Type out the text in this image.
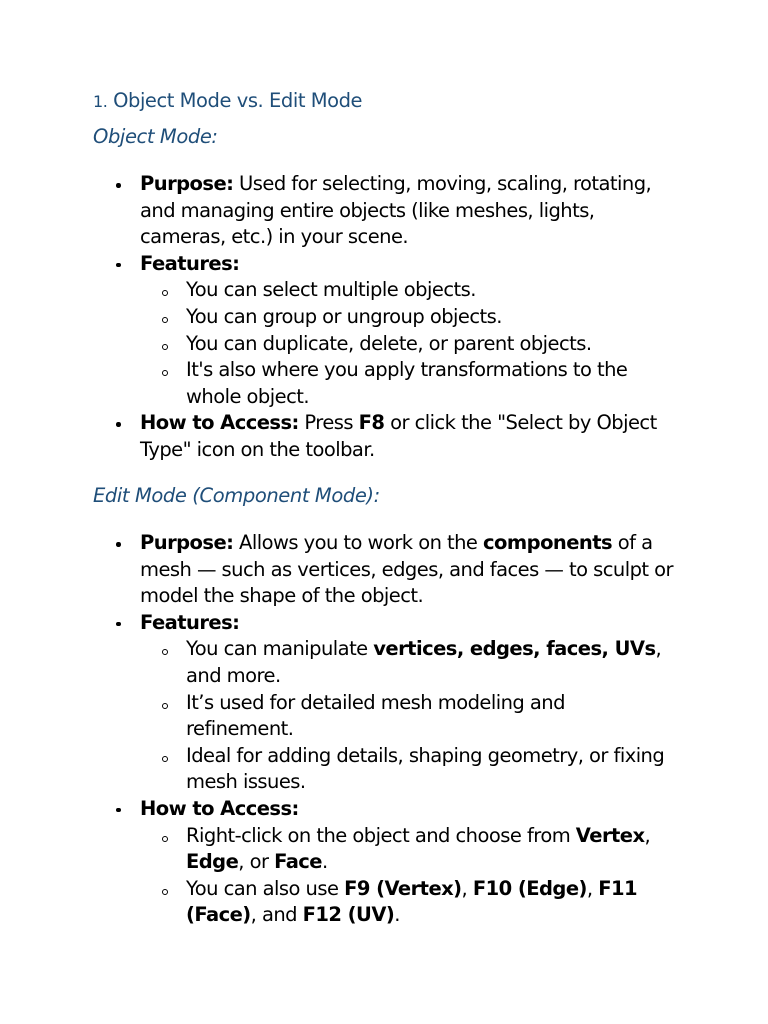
1. Object Mode vs. Edit Mode
Object Mode:
Purpose: Used for selecting, moving, scaling, rotating, and managing entire objects (like meshes, lights, cameras, etc.) in your scene.
Features:
You can select multiple objects.
You can group or ungroup objects.
You can duplicate, delete, or parent objects.
It's also where you apply transformations to the whole object.
How to Access: Press F8 or click the "Select by Object Type" icon on the toolbar.
Edit Mode (Component Mode):
Purpose: Allows you to work on the components of a mesh — such as vertices, edges, and faces — to sculpt or model the shape of the object.
Features:
You can manipulate vertices, edges, faces, UVs, and more.
It’s used for detailed mesh modeling and refinement.
Ideal for adding details, shaping geometry, or fixing mesh issues.
How to Access:
Right-click on the object and choose from Vertex, Edge, or Face.
You can also use F9 (Vertex), F10 (Edge), F11 (Face), and F12 (UV).
